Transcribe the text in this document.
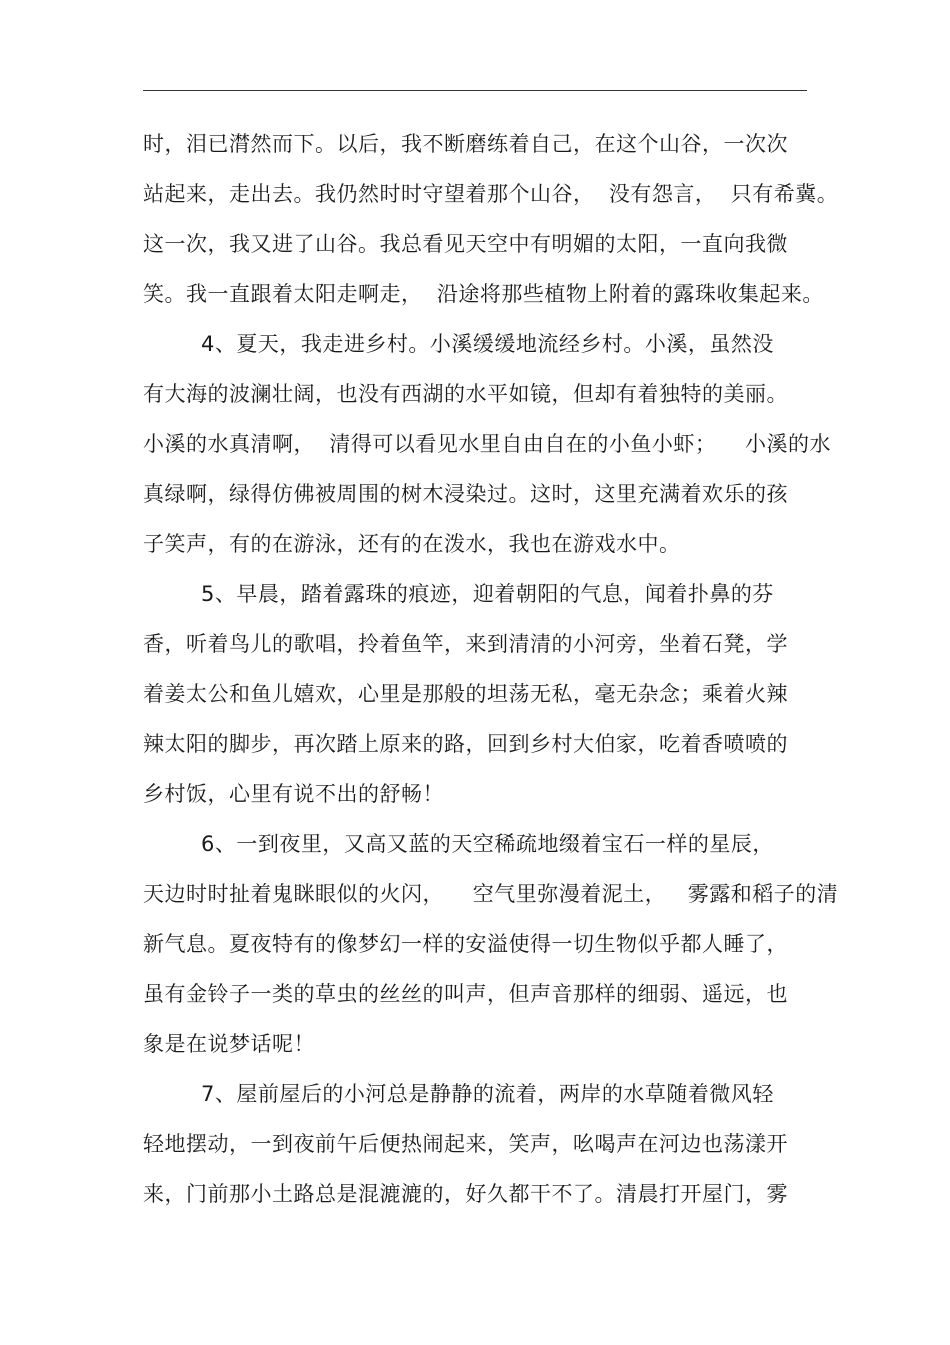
时，泪已潸然而下。以后，我不断磨练着自己，在这个山谷，一次次
站起来，走出去。我仍然时时守望着那个山谷，  没有怨言，  只有希冀。
这一次，我又进了山谷。我总看见天空中有明媚的太阳，一直向我微
笑。我一直跟着太阳走啊走，  沿途将那些植物上附着的露珠收集起来。
4、夏天，我走进乡村。小溪缓缓地流经乡村。小溪，虽然没
有大海的波澜壮阔，也没有西湖的水平如镜，但却有着独特的美丽。
小溪的水真清啊，  清得可以看见水里自由自在的小鱼小虾；    小溪的水
真绿啊，绿得仿佛被周围的树木浸染过。这时，这里充满着欢乐的孩
子笑声，有的在游泳，还有的在泼水，我也在游戏水中。
5、早晨，踏着露珠的痕迹，迎着朝阳的气息，闻着扑鼻的芬
香，听着鸟儿的歌唱，拎着鱼竿，来到清清的小河旁，坐着石凳，学
着姜太公和鱼儿嬉欢，心里是那般的坦荡无私，毫无杂念；乘着火辣
辣太阳的脚步，再次踏上原来的路，回到乡村大伯家，吃着香喷喷的
乡村饭，心里有说不出的舒畅！
6、一到夜里，又高又蓝的天空稀疏地缀着宝石一样的星辰，
天边时时扯着鬼眯眼似的火闪，    空气里弥漫着泥土，   雾露和稻子的清
新气息。夏夜特有的像梦幻一样的安溢使得一切生物似乎都人睡了，
虽有金铃子一类的草虫的丝丝的叫声，但声音那样的细弱、遥远，也
象是在说梦话呢！
7、屋前屋后的小河总是静静的流着，两岸的水草随着微风轻
轻地摆动，一到夜前午后便热闹起来，笑声，吆喝声在河边也荡漾开
来，门前那小土路总是混漉漉的，好久都干不了。清晨打开屋门，雾
